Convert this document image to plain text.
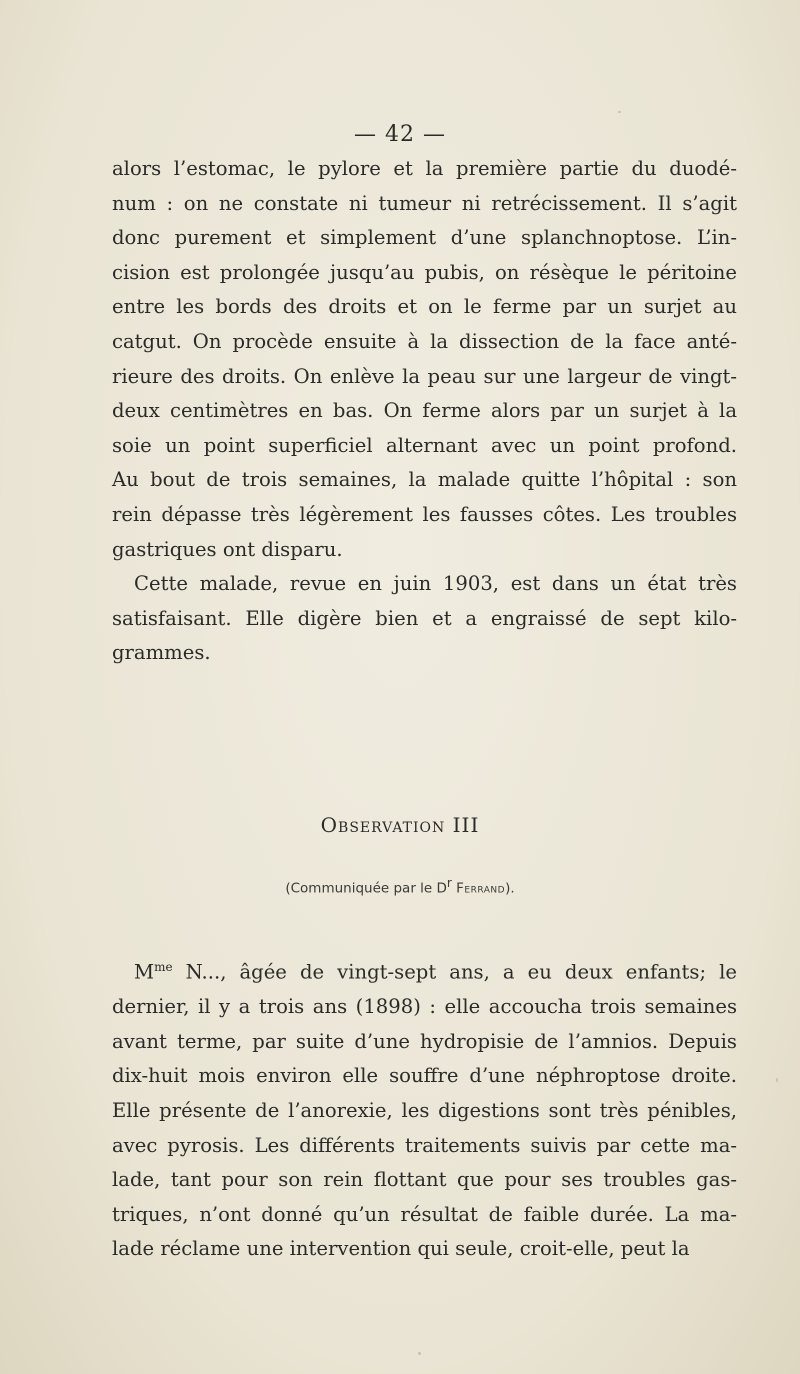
— 42 —
alors l’estomac, le pylore et la première partie du duodé-
num : on ne constate ni tumeur ni retrécissement. Il s’agit
donc purement et simplement d’une splanchnoptose. L’in-
cision est prolongée jusqu’au pubis, on résèque le péritoine
entre les bords des droits et on le ferme par un surjet au
catgut. On procède ensuite à la dissection de la face anté-
rieure des droits. On enlève la peau sur une largeur de vingt-
deux centimètres en bas. On ferme alors par un surjet à la
soie un point superficiel alternant avec un point profond.
Au bout de trois semaines, la malade quitte l’hôpital : son
rein dépasse très légèrement les fausses côtes. Les troubles
gastriques ont disparu.
Cette malade, revue en juin 1903, est dans un état très
satisfaisant. Elle digère bien et a engraissé de sept kilo-
grammes.
Observation III
(Communiquée par le $D^r$ Ferrand).
$M^{me}$ N..., âgée de vingt-sept ans, a eu deux enfants; le
dernier, il y a trois ans (1898) : elle accoucha trois semaines
avant terme, par suite d’une hydropisie de l’amnios. Depuis
dix-huit mois environ elle souffre d’une néphroptose droite.
Elle présente de l’anorexie, les digestions sont très pénibles,
avec pyrosis. Les différents traitements suivis par cette ma-
lade, tant pour son rein flottant que pour ses troubles gas-
triques, n’ont donné qu’un résultat de faible durée. La ma-
lade réclame une intervention qui seule, croit-elle, peut la
